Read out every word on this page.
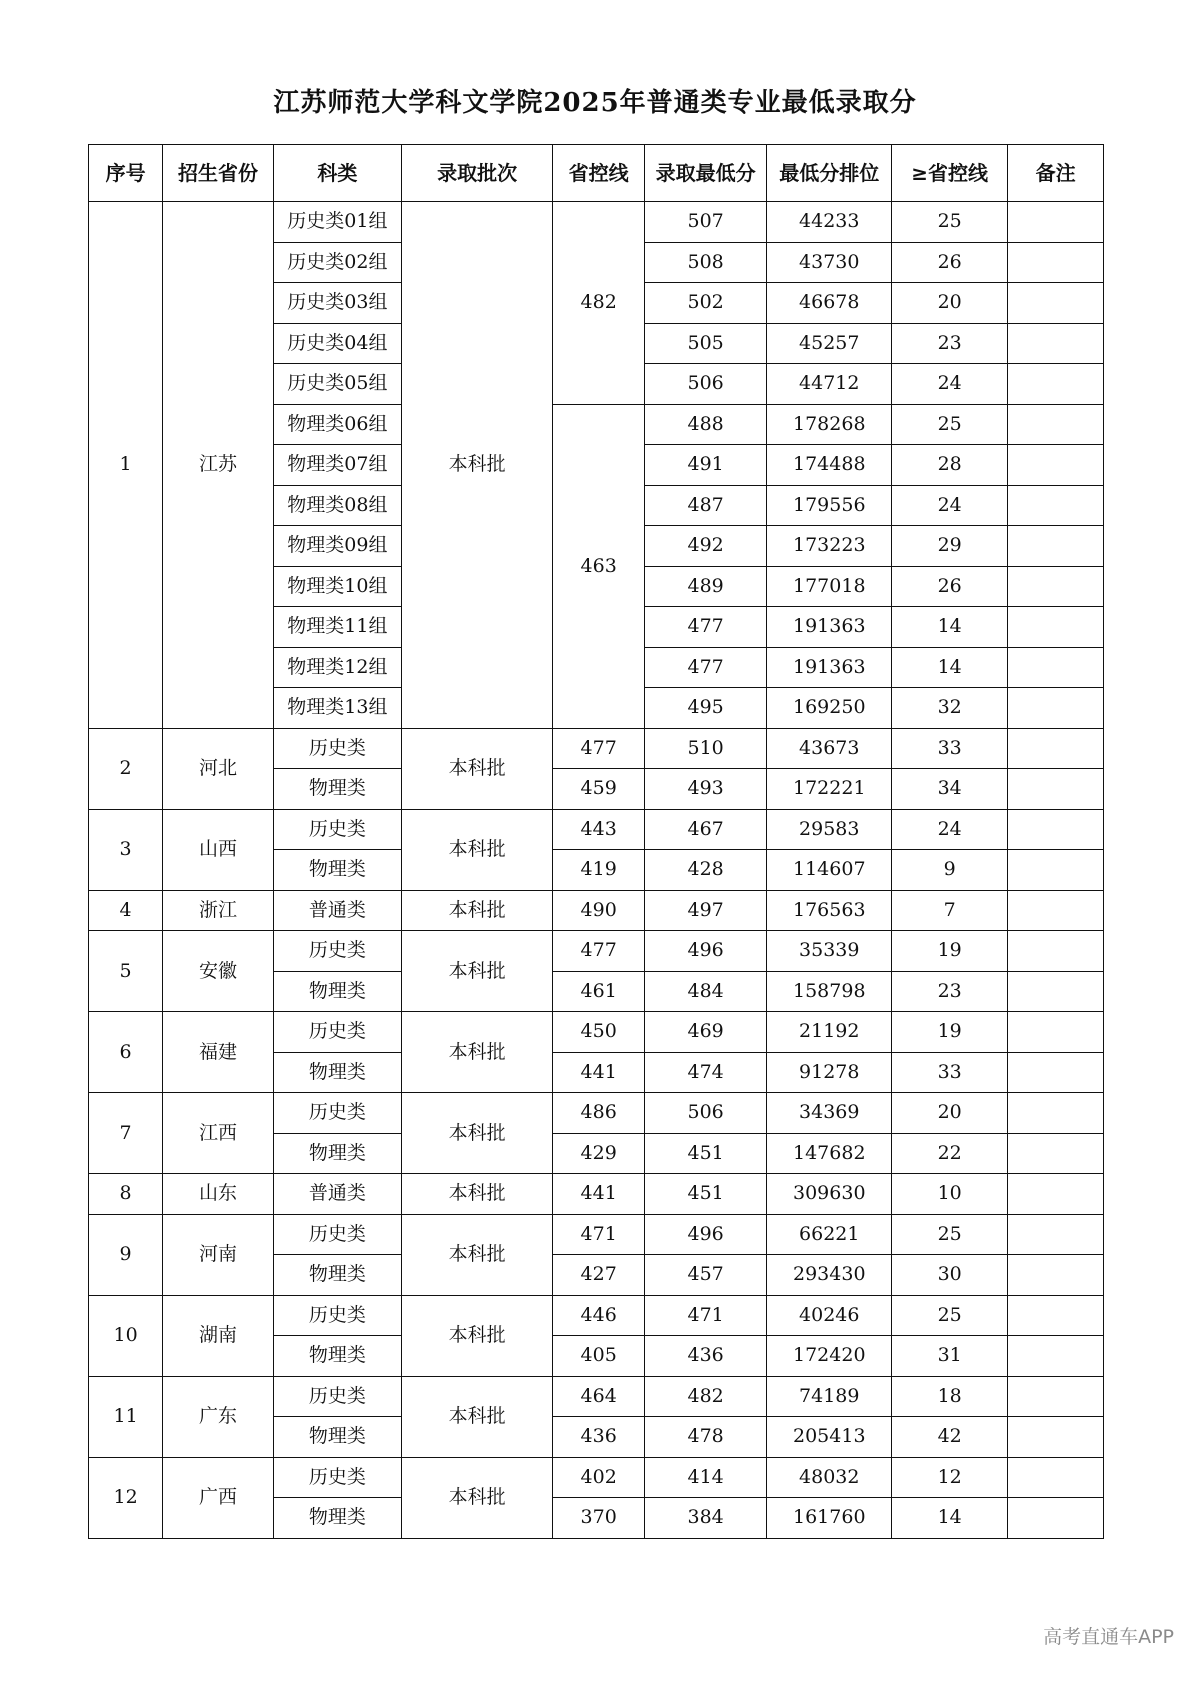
江苏师范大学科文学院2025年普通类专业最低录取分
序号	招生省份	科类	录取批次	省控线	录取最低分	最低分排位	≥省控线	备注
1	江苏	历史类01组	本科批	482	507	44233	25	
		历史类02组			508	43730	26	
		历史类03组			502	46678	20	
		历史类04组			505	45257	23	
		历史类05组			506	44712	24	
		物理类06组		463	488	178268	25	
		物理类07组			491	174488	28	
		物理类08组			487	179556	24	
		物理类09组			492	173223	29	
		物理类10组			489	177018	26	
		物理类11组			477	191363	14	
		物理类12组			477	191363	14	
		物理类13组			495	169250	32	
2	河北	历史类	本科批	477	510	43673	33	
		物理类		459	493	172221	34	
3	山西	历史类	本科批	443	467	29583	24	
		物理类		419	428	114607	9	
4	浙江	普通类	本科批	490	497	176563	7	
5	安徽	历史类	本科批	477	496	35339	19	
		物理类		461	484	158798	23	
6	福建	历史类	本科批	450	469	21192	19	
		物理类		441	474	91278	33	
7	江西	历史类	本科批	486	506	34369	20	
		物理类		429	451	147682	22	
8	山东	普通类	本科批	441	451	309630	10	
9	河南	历史类	本科批	471	496	66221	25	
		物理类		427	457	293430	30	
10	湖南	历史类	本科批	446	471	40246	25	
		物理类		405	436	172420	31	
11	广东	历史类	本科批	464	482	74189	18	
		物理类		436	478	205413	42	
12	广西	历史类	本科批	402	414	48032	12	
		物理类		370	384	161760	14	
高考直通车APP
